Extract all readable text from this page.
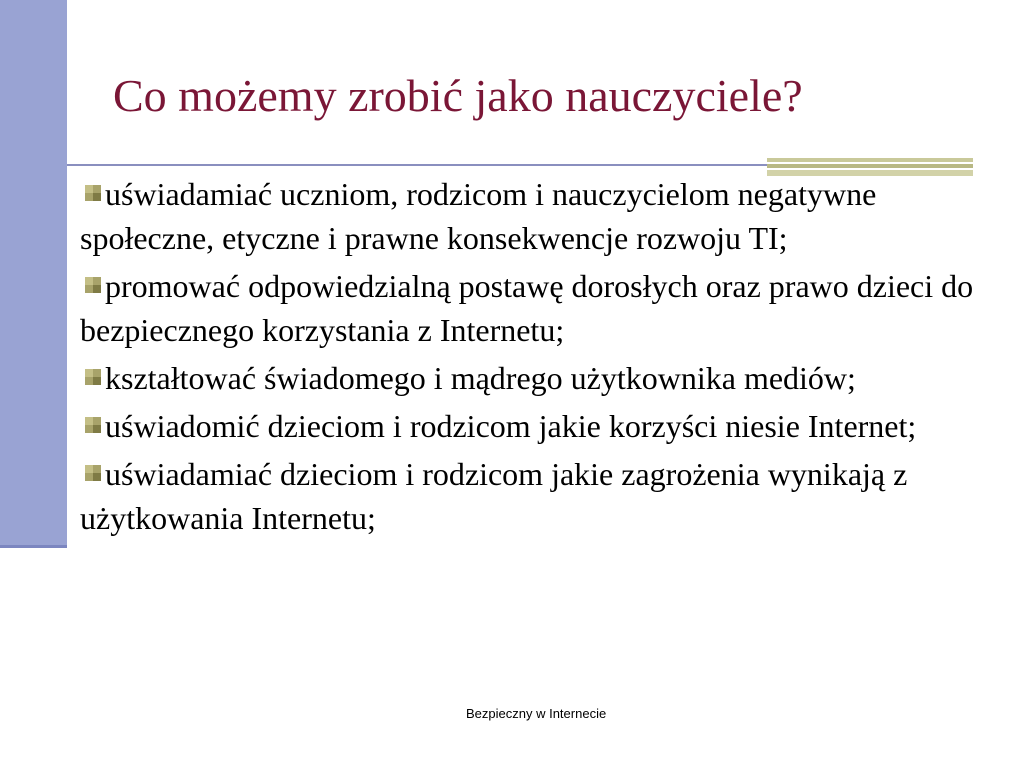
Co możemy zrobić jako nauczyciele?
uświadamiać uczniom, rodzicom i nauczycielom negatywne społeczne, etyczne i prawne konsekwencje rozwoju TI;
promować odpowiedzialną postawę dorosłych oraz prawo dzieci do bezpiecznego korzystania z Internetu;
kształtować świadomego i mądrego użytkownika mediów;
uświadomić dzieciom i rodzicom jakie korzyści niesie Internet;
uświadamiać dzieciom i rodzicom jakie zagrożenia wynikają z użytkowania Internetu;
Bezpieczny w Internecie
